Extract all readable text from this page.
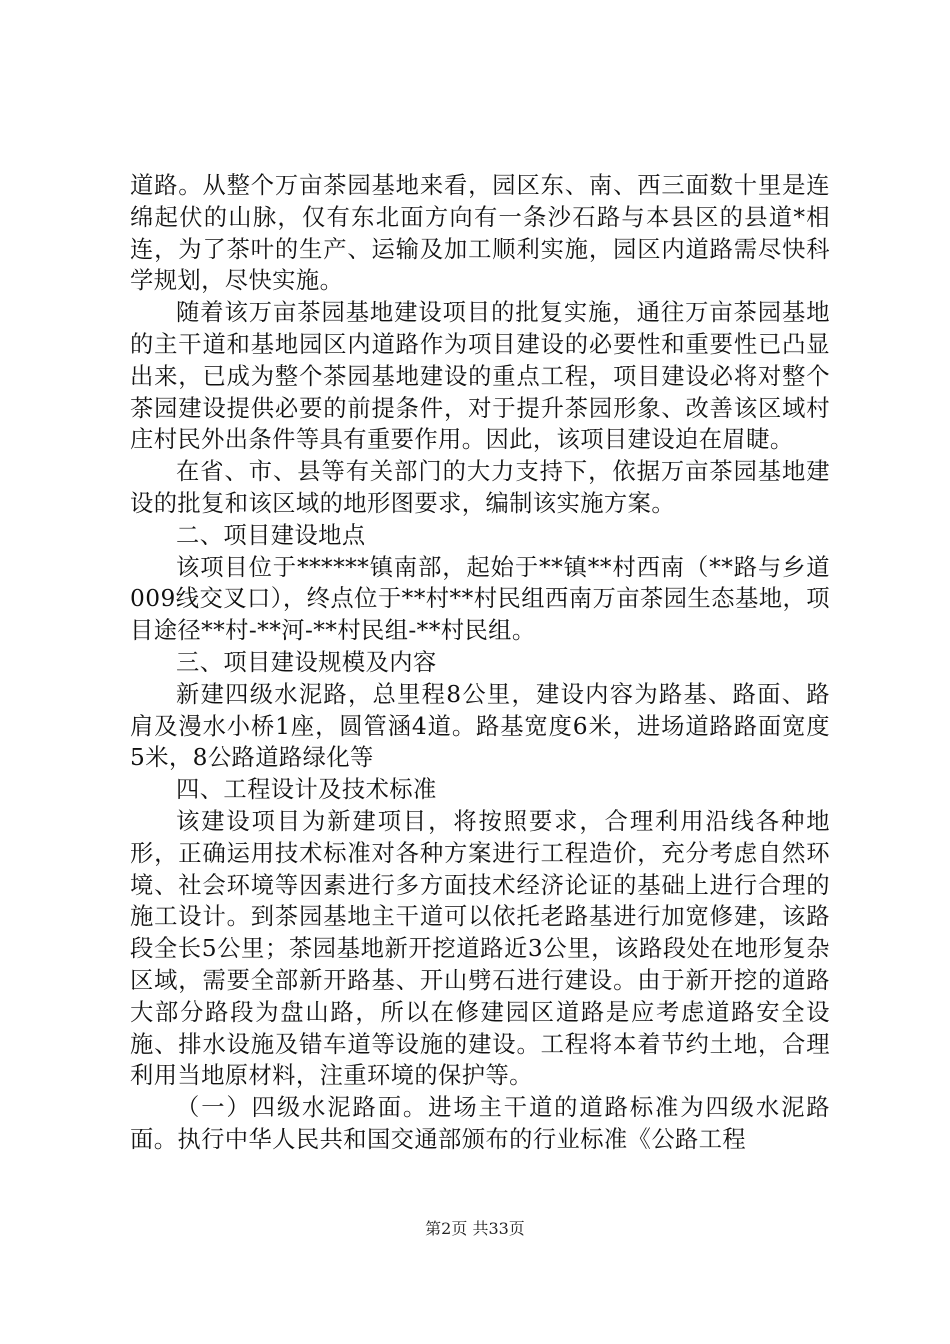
道路。从整个万亩茶园基地来看，园区东、南、西三面数十里是连绵起伏的山脉，仅有东北面方向有一条沙石路与本县区的县道*相连，为了茶叶的生产、运输及加工顺利实施，园区内道路需尽快科学规划，尽快实施。

随着该万亩茶园基地建设项目的批复实施，通往万亩茶园基地的主干道和基地园区内道路作为项目建设的必要性和重要性已凸显出来，已成为整个茶园基地建设的重点工程，项目建设必将对整个茶园建设提供必要的前提条件，对于提升茶园形象、改善该区域村庄村民外出条件等具有重要作用。因此，该项目建设迫在眉睫。

在省、市、县等有关部门的大力支持下，依据万亩茶园基地建设的批复和该区域的地形图要求，编制该实施方案。

二、项目建设地点

该项目位于******镇南部，起始于**镇**村西南（**路与乡道009线交叉口），终点位于**村**村民组西南万亩茶园生态基地，项目途径**村-**河-**村民组-**村民组。

三、项目建设规模及内容

新建四级水泥路，总里程8公里，建设内容为路基、路面、路肩及漫水小桥1座，圆管涵4道。路基宽度6米，进场道路路面宽度5米，8公路道路绿化等

四、工程设计及技术标准

该建设项目为新建项目，将按照要求，合理利用沿线各种地形，正确运用技术标准对各种方案进行工程造价，充分考虑自然环境、社会环境等因素进行多方面技术经济论证的基础上进行合理的施工设计。到茶园基地主干道可以依托老路基进行加宽修建，该路段全长5公里；茶园基地新开挖道路近3公里，该路段处在地形复杂区域，需要全部新开路基、开山劈石进行建设。由于新开挖的道路大部分路段为盘山路，所以在修建园区道路是应考虑道路安全设施、排水设施及错车道等设施的建设。工程将本着节约土地，合理利用当地原材料，注重环境的保护等。

（一）四级水泥路面。进场主干道的道路标准为四级水泥路面。执行中华人民共和国交通部颁布的行业标准《公路工程

第2页 共33页
